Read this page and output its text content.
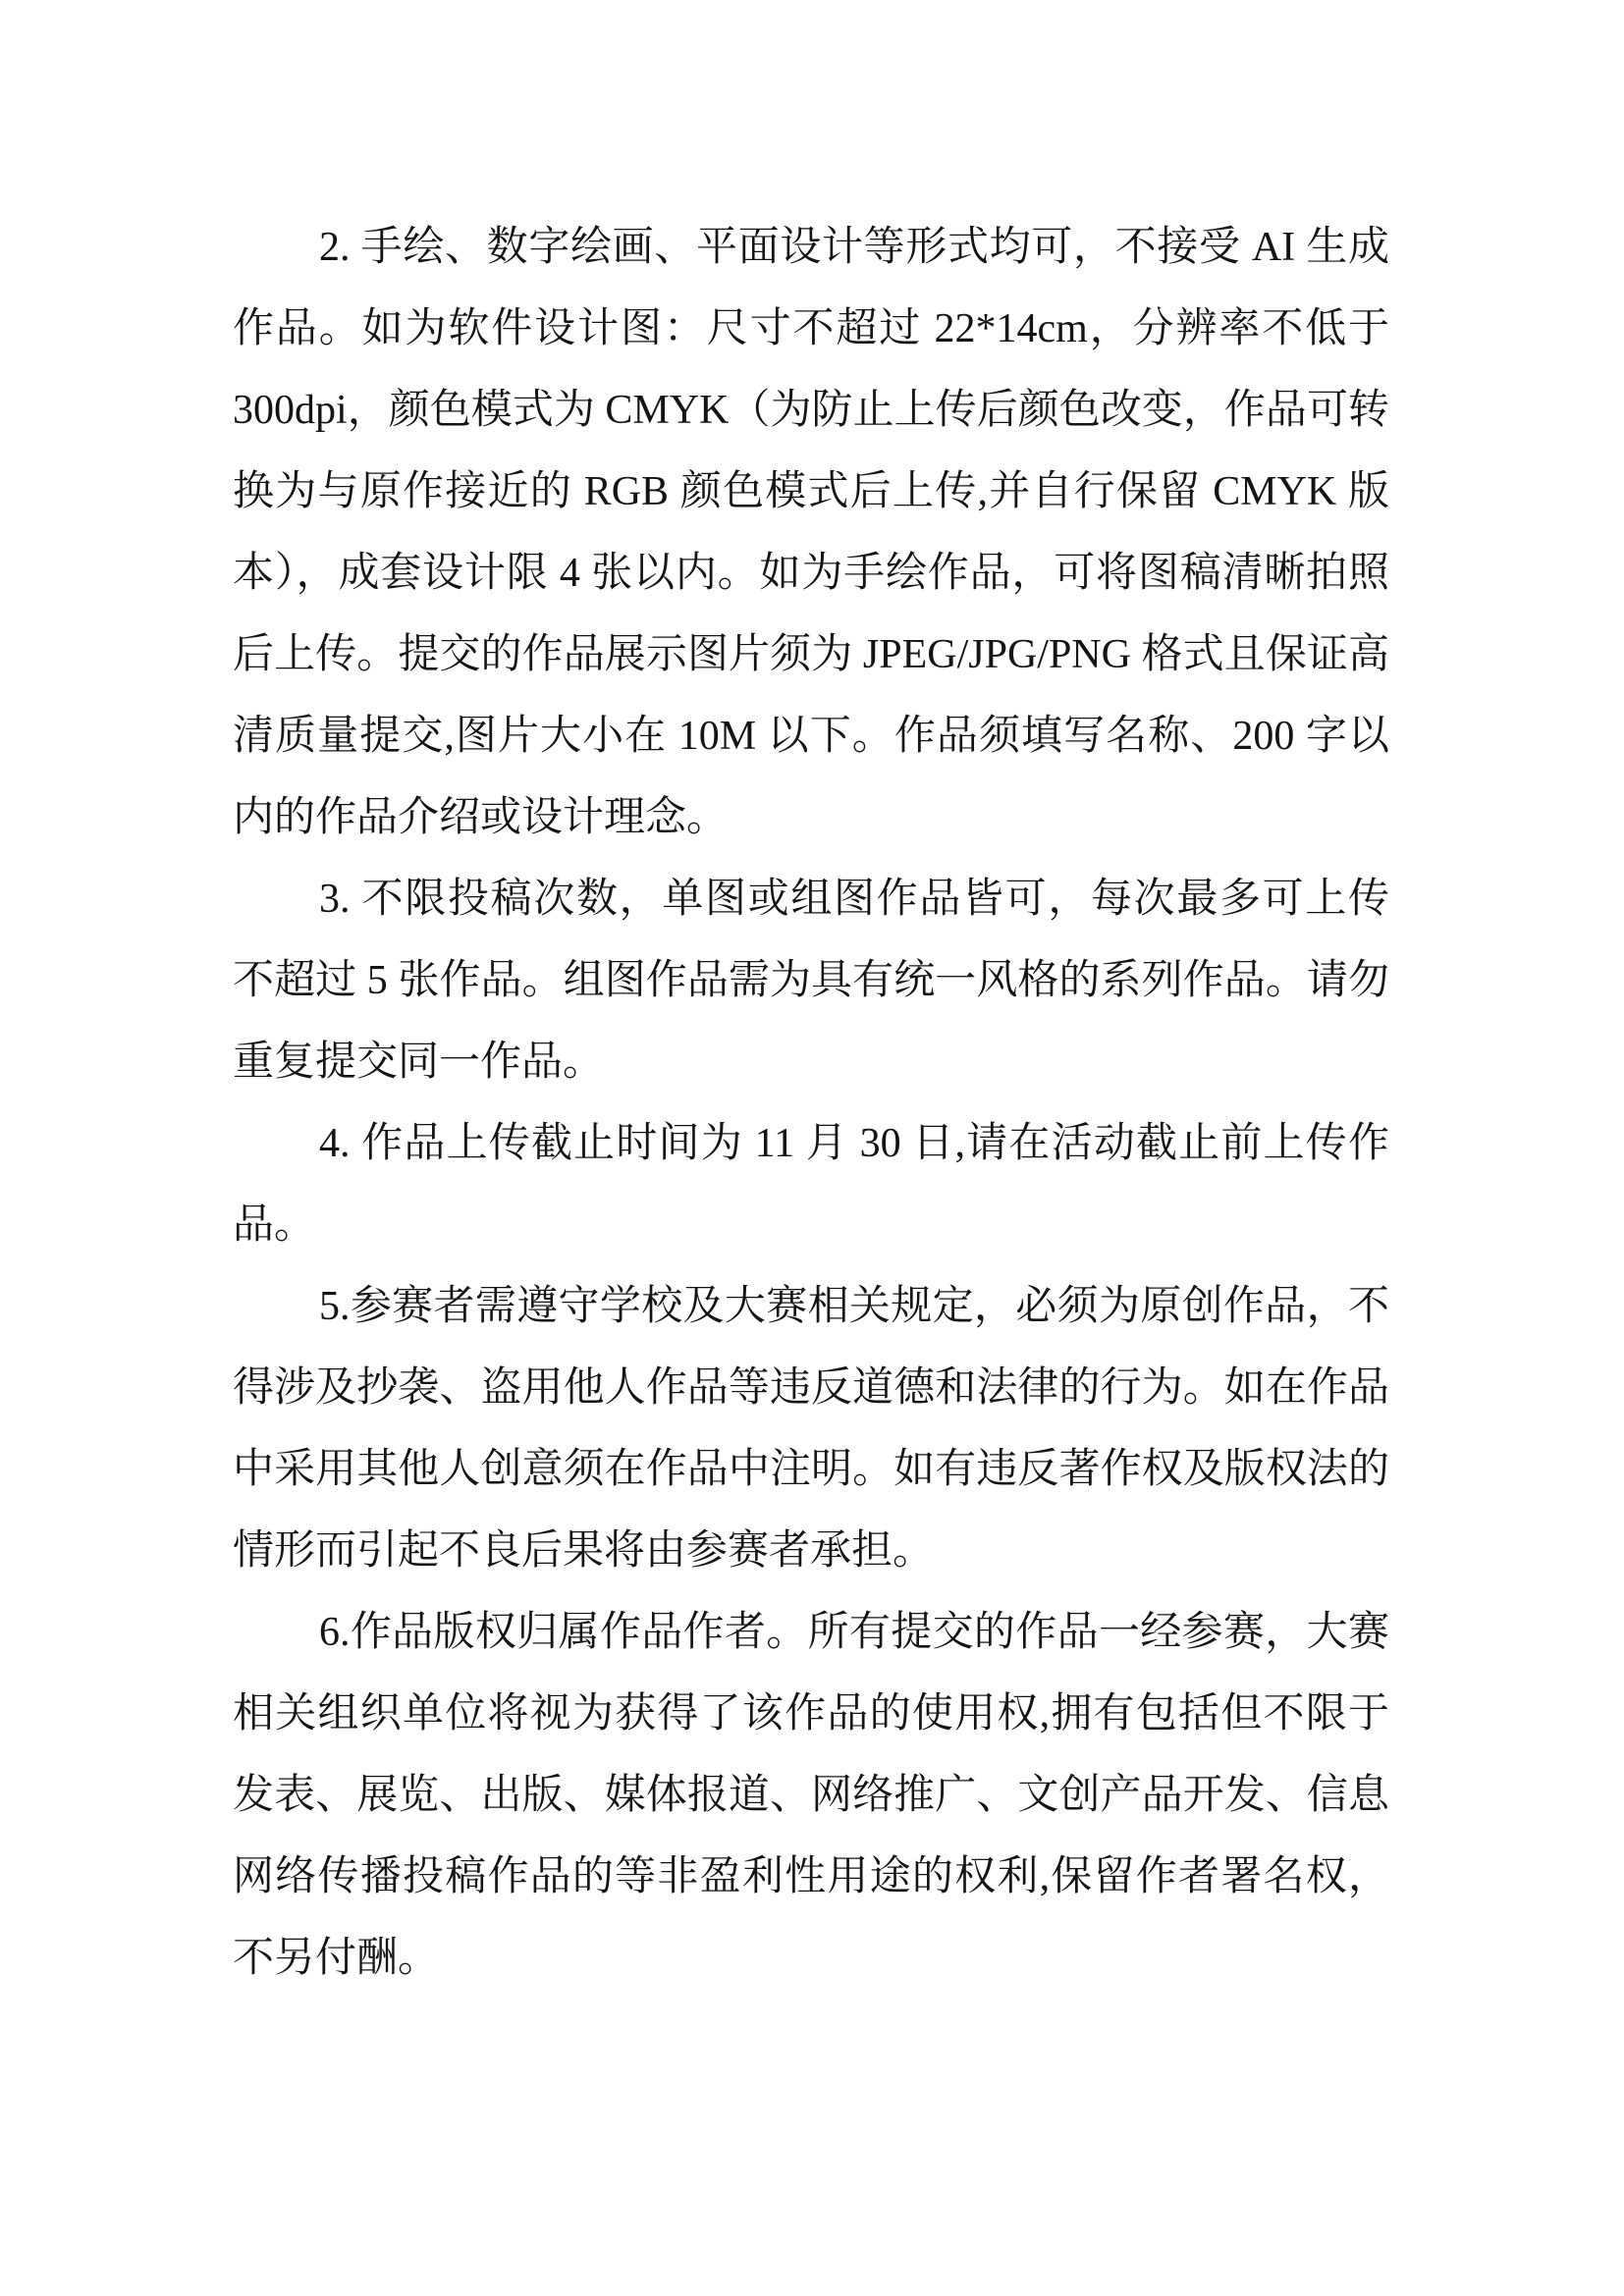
2. 手绘、数字绘画、平面设计等形式均可，不接受 AI 生成作品。如为软件设计图：尺寸不超过 22*14cm，分辨率不低于 300dpi，颜色模式为 CMYK（为防止上传后颜色改变，作品可转换为与原作接近的 RGB 颜色模式后上传,并自行保留 CMYK 版本），成套设计限 4 张以内。如为手绘作品，可将图稿清晰拍照后上传。提交的作品展示图片须为 JPEG/JPG/PNG 格式且保证高清质量提交,图片大小在 10M 以下。作品须填写名称、200 字以内的作品介绍或设计理念。

3. 不限投稿次数，单图或组图作品皆可，每次最多可上传不超过 5 张作品。组图作品需为具有统一风格的系列作品。请勿重复提交同一作品。

4. 作品上传截止时间为 11 月 30 日,请在活动截止前上传作品。

5.参赛者需遵守学校及大赛相关规定，必须为原创作品，不得涉及抄袭、盗用他人作品等违反道德和法律的行为。如在作品中采用其他人创意须在作品中注明。如有违反著作权及版权法的情形而引起不良后果将由参赛者承担。

6.作品版权归属作品作者。所有提交的作品一经参赛，大赛相关组织单位将视为获得了该作品的使用权,拥有包括但不限于发表、展览、出版、媒体报道、网络推广、文创产品开发、信息网络传播投稿作品的等非盈利性用途的权利,保留作者署名权，不另付酬。
